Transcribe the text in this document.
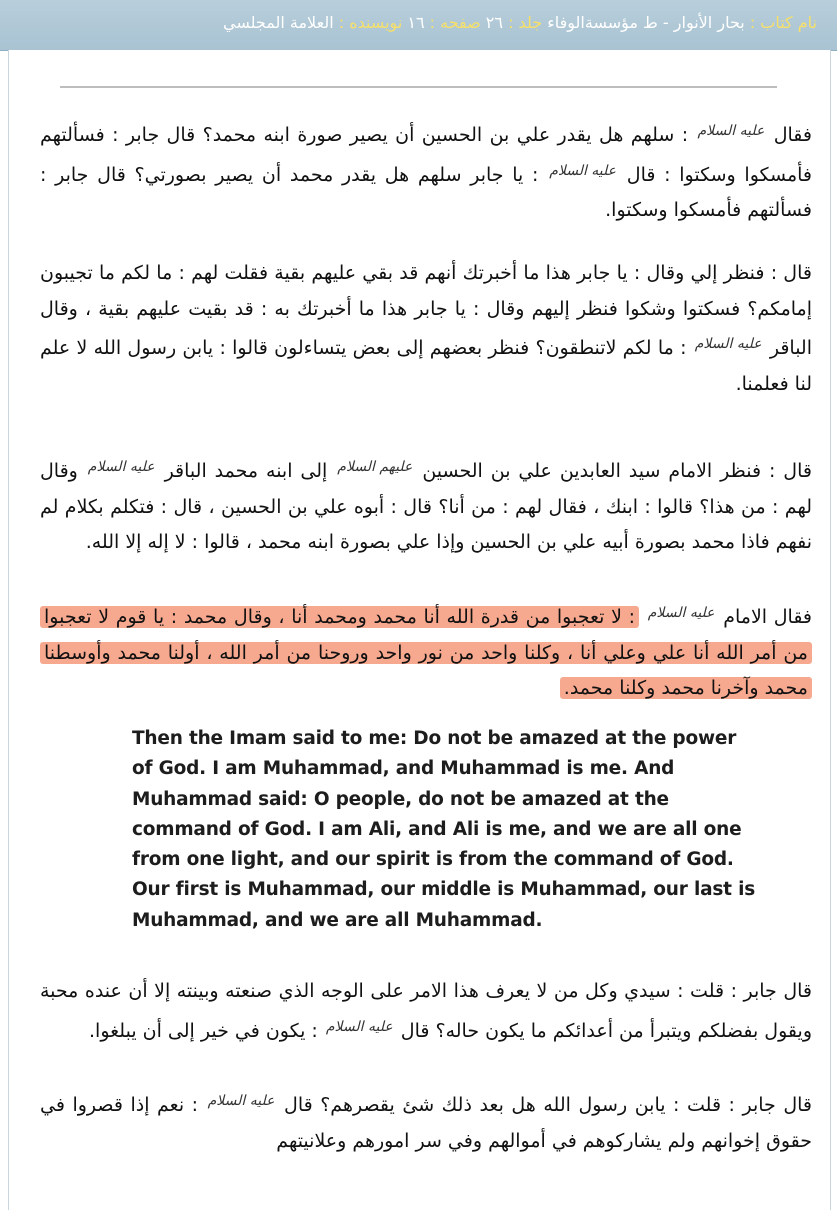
نام كتاب : بحار الأنوار - ط مؤسسةالوفاء جلد : ٢٦ صفحه : ١٦ نويسنده : العلامة المجلسي
فقال عليه السلام : سلهم هل يقدر علي بن الحسين أن يصير صورة ابنه محمد؟ قال جابر : فسألتهم فأمسكوا وسكتوا : قال عليه السلام : يا جابر سلهم هل يقدر محمد أن يصير بصورتي؟ قال جابر : فسألتهم فأمسكوا وسكتوا.
قال : فنظر إلي وقال : يا جابر هذا ما أخبرتك أنهم قد بقي عليهم بقية فقلت لهم : ما لكم ما تجيبون إمامكم؟ فسكتوا وشكوا فنظر إليهم وقال : يا جابر هذا ما أخبرتك به : قد بقيت عليهم بقية ، وقال الباقر عليه السلام : ما لكم لاتنطقون؟ فنظر بعضهم إلى بعض يتساءلون قالوا : يابن رسول الله لا علم لنا فعلمنا.
قال : فنظر الامام سيد العابدين علي بن الحسين عليهم السلام إلى ابنه محمد الباقر عليه السلام وقال لهم : من هذا؟ قالوا : ابنك ، فقال لهم : من أنا؟ قال : أبوه علي بن الحسين ، قال : فتكلم بكلام لم نفهم فاذا محمد بصورة أبيه علي بن الحسين وإذا علي بصورة ابنه محمد ، قالوا : لا إله إلا الله.
فقال الامام عليه السلام : لا تعجبوا من قدرة الله أنا محمد ومحمد أنا ، وقال محمد : يا قوم لا تعجبوا من أمر الله أنا علي وعلي أنا ، وكلنا واحد من نور واحد وروحنا من أمر الله ، أولنا محمد وأوسطنا محمد وآخرنا محمد وكلنا محمد.
Then the Imam said to me: Do not be amazed at the power of God. I am Muhammad, and Muhammad is me. And Muhammad said: O people, do not be amazed at the command of God. I am Ali, and Ali is me, and we are all one from one light, and our spirit is from the command of God. Our first is Muhammad, our middle is Muhammad, our last is Muhammad, and we are all Muhammad.
قال جابر : قلت : سيدي وكل من لا يعرف هذا الامر على الوجه الذي صنعته وبينته إلا أن عنده محبة ويقول بفضلكم ويتبرأ من أعدائكم ما يكون حاله؟ قال عليه السلام : يكون في خير إلى أن يبلغوا.
قال جابر : قلت : يابن رسول الله هل بعد ذلك شئ يقصرهم؟ قال عليه السلام : نعم إذا قصروا في حقوق إخوانهم ولم يشاركوهم في أموالهم وفي سر امورهم وعلانيتهم
